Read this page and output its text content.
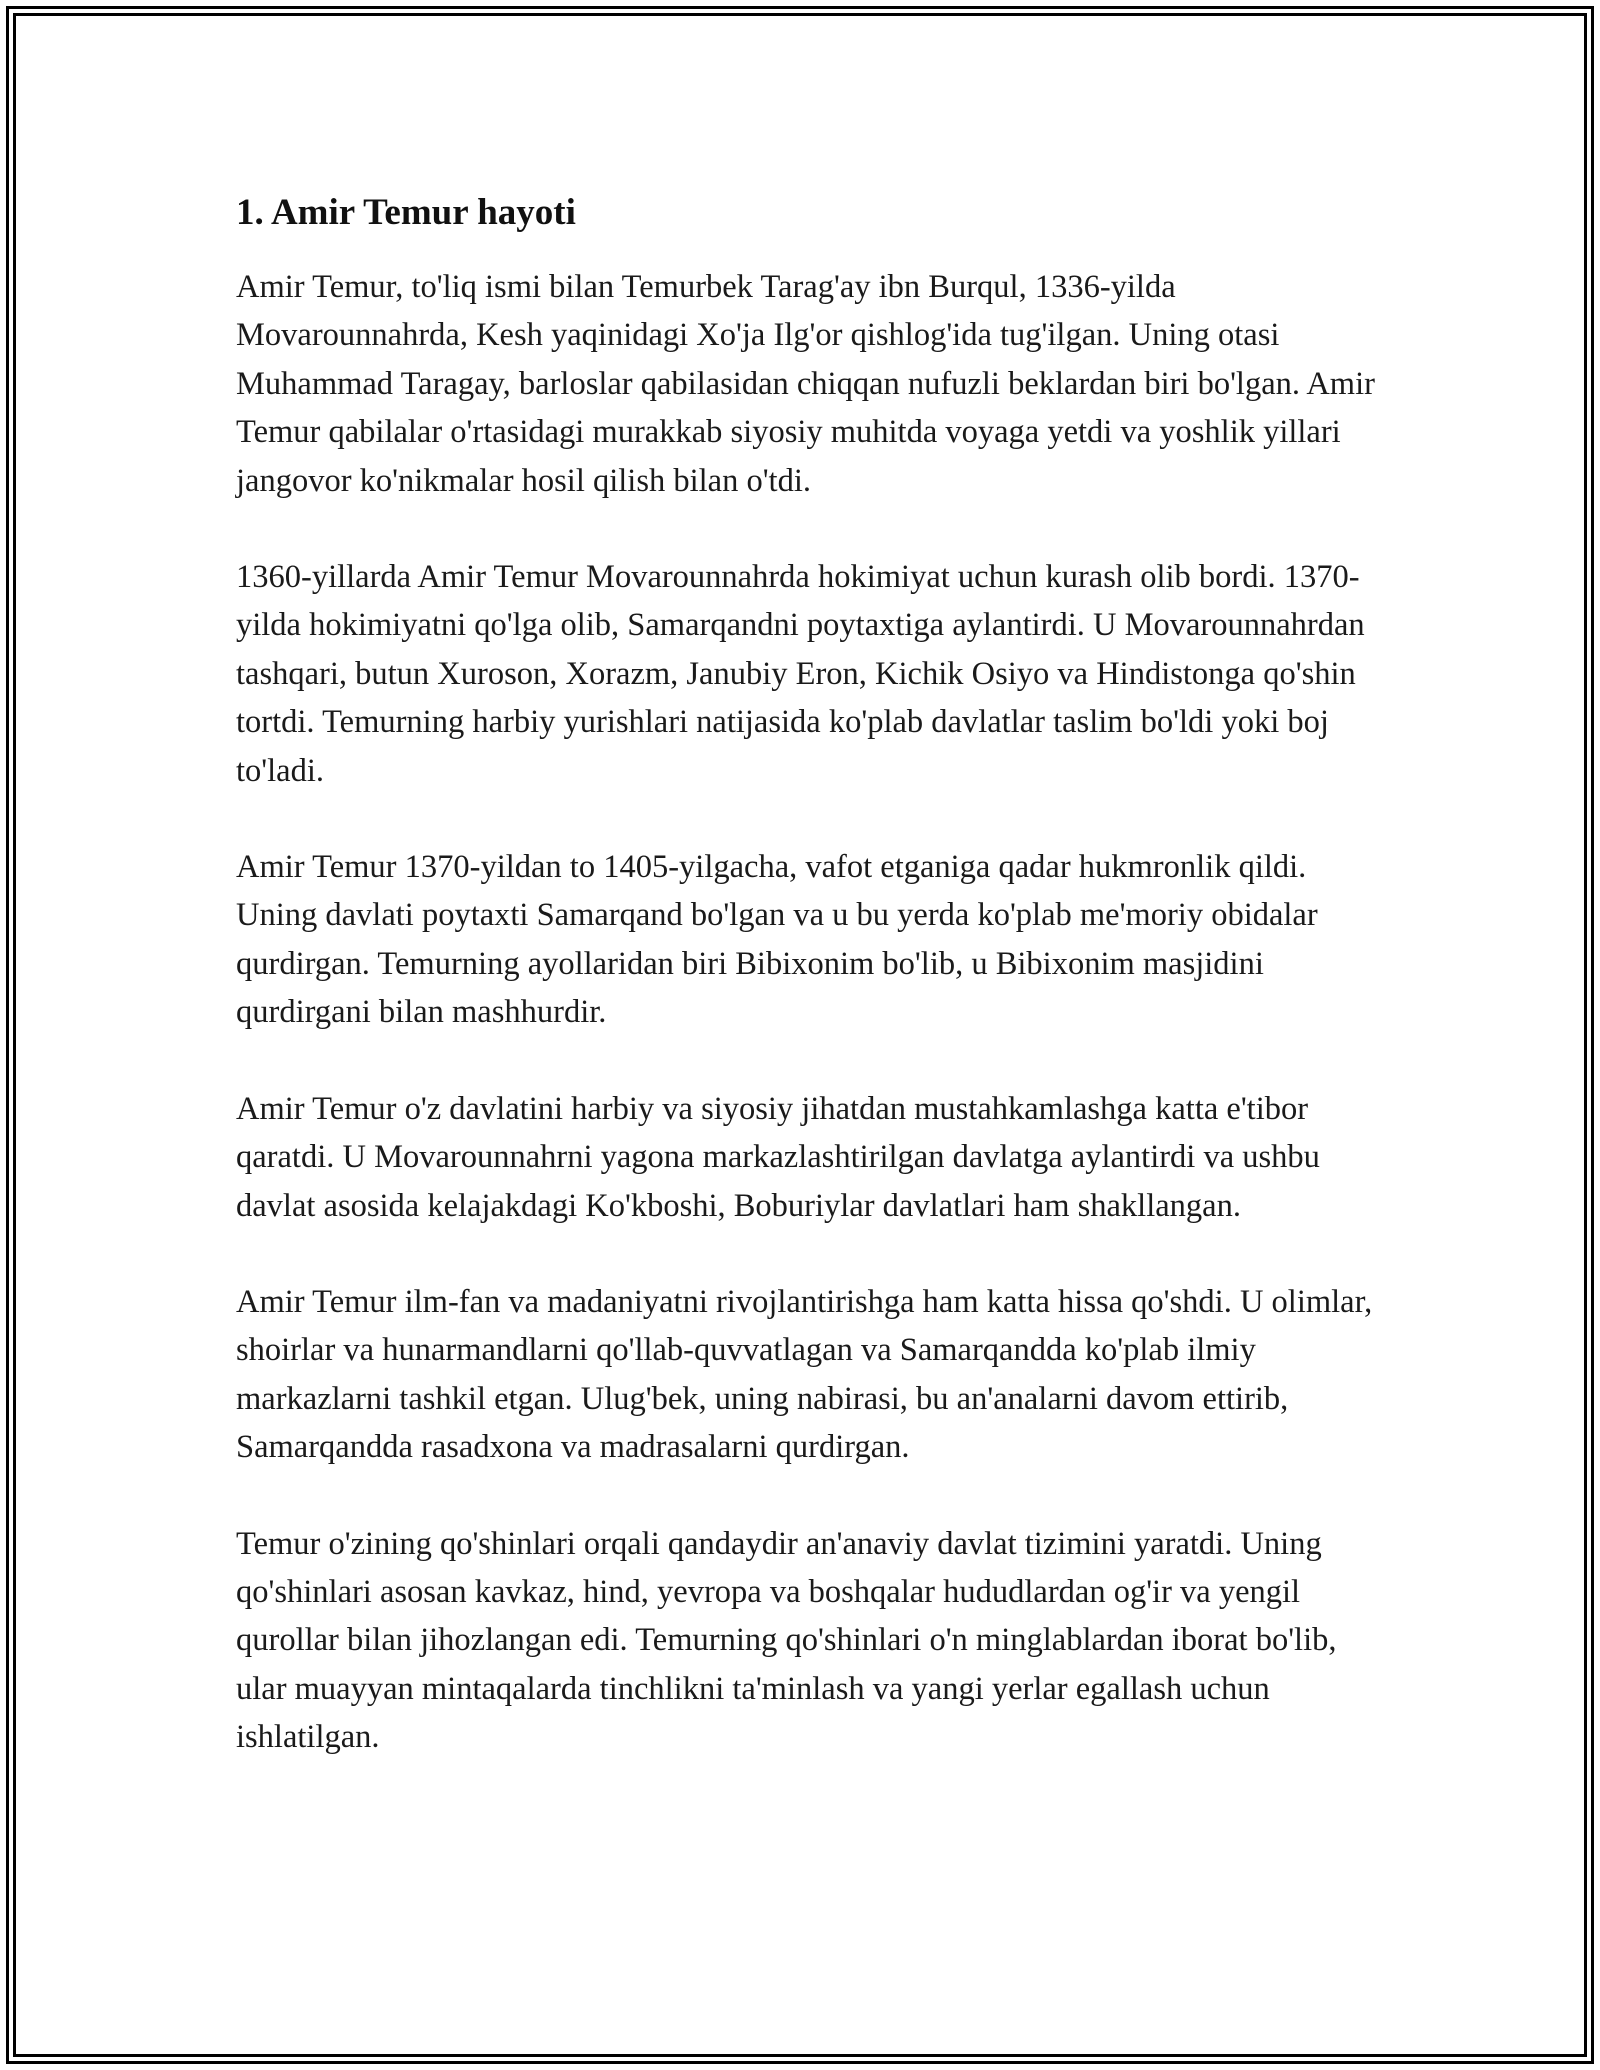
1. Amir Temur hayoti

Amir Temur, to'liq ismi bilan Temurbek Tarag'ay ibn Burqul, 1336-yilda Movarounnahrda, Kesh yaqinidagi Xo'ja Ilg'or qishlog'ida tug'ilgan. Uning otasi Muhammad Taragay, barloslar qabilasidan chiqqan nufuzli beklardan biri bo'lgan. Amir Temur qabilalar o'rtasidagi murakkab siyosiy muhitda voyaga yetdi va yoshlik yillari jangovor ko'nikmalar hosil qilish bilan o'tdi.

1360-yillarda Amir Temur Movarounnahrda hokimiyat uchun kurash olib bordi. 1370-yilda hokimiyatni qo'lga olib, Samarqandni poytaxtiga aylantirdi. U Movarounnahrdan tashqari, butun Xuroson, Xorazm, Janubiy Eron, Kichik Osiyo va Hindistonga qo'shin tortdi. Temurning harbiy yurishlari natijasida ko'plab davlatlar taslim bo'ldi yoki boj to'ladi.

Amir Temur 1370-yildan to 1405-yilgacha, vafot etganiga qadar hukmronlik qildi. Uning davlati poytaxti Samarqand bo'lgan va u bu yerda ko'plab me'moriy obidalar qurdirgan. Temurning ayollaridan biri Bibixonim bo'lib, u Bibixonim masjidini qurdirgani bilan mashhurdir.

Amir Temur o'z davlatini harbiy va siyosiy jihatdan mustahkamlashga katta e'tibor qaratdi. U Movarounnahrni yagona markazlashtirilgan davlatga aylantirdi va ushbu davlat asosida kelajakdagi Ko'kboshi, Boburiylar davlatlari ham shakllangan.

Amir Temur ilm-fan va madaniyatni rivojlantirishga ham katta hissa qo'shdi. U olimlar, shoirlar va hunarmandlarni qo'llab-quvvatlagan va Samarqandda ko'plab ilmiy markazlarni tashkil etgan. Ulug'bek, uning nabirasi, bu an'analarni davom ettirib, Samarqandda rasadxona va madrasalarni qurdirgan.

Temur o'zining qo'shinlari orqali qandaydir an'anaviy davlat tizimini yaratdi. Uning qo'shinlari asosan kavkaz, hind, yevropa va boshqalar hududlardan og'ir va yengil qurollar bilan jihozlangan edi. Temurning qo'shinlari o'n minglablardan iborat bo'lib, ular muayyan mintaqalarda tinchlikni ta'minlash va yangi yerlar egallash uchun ishlatilgan.
